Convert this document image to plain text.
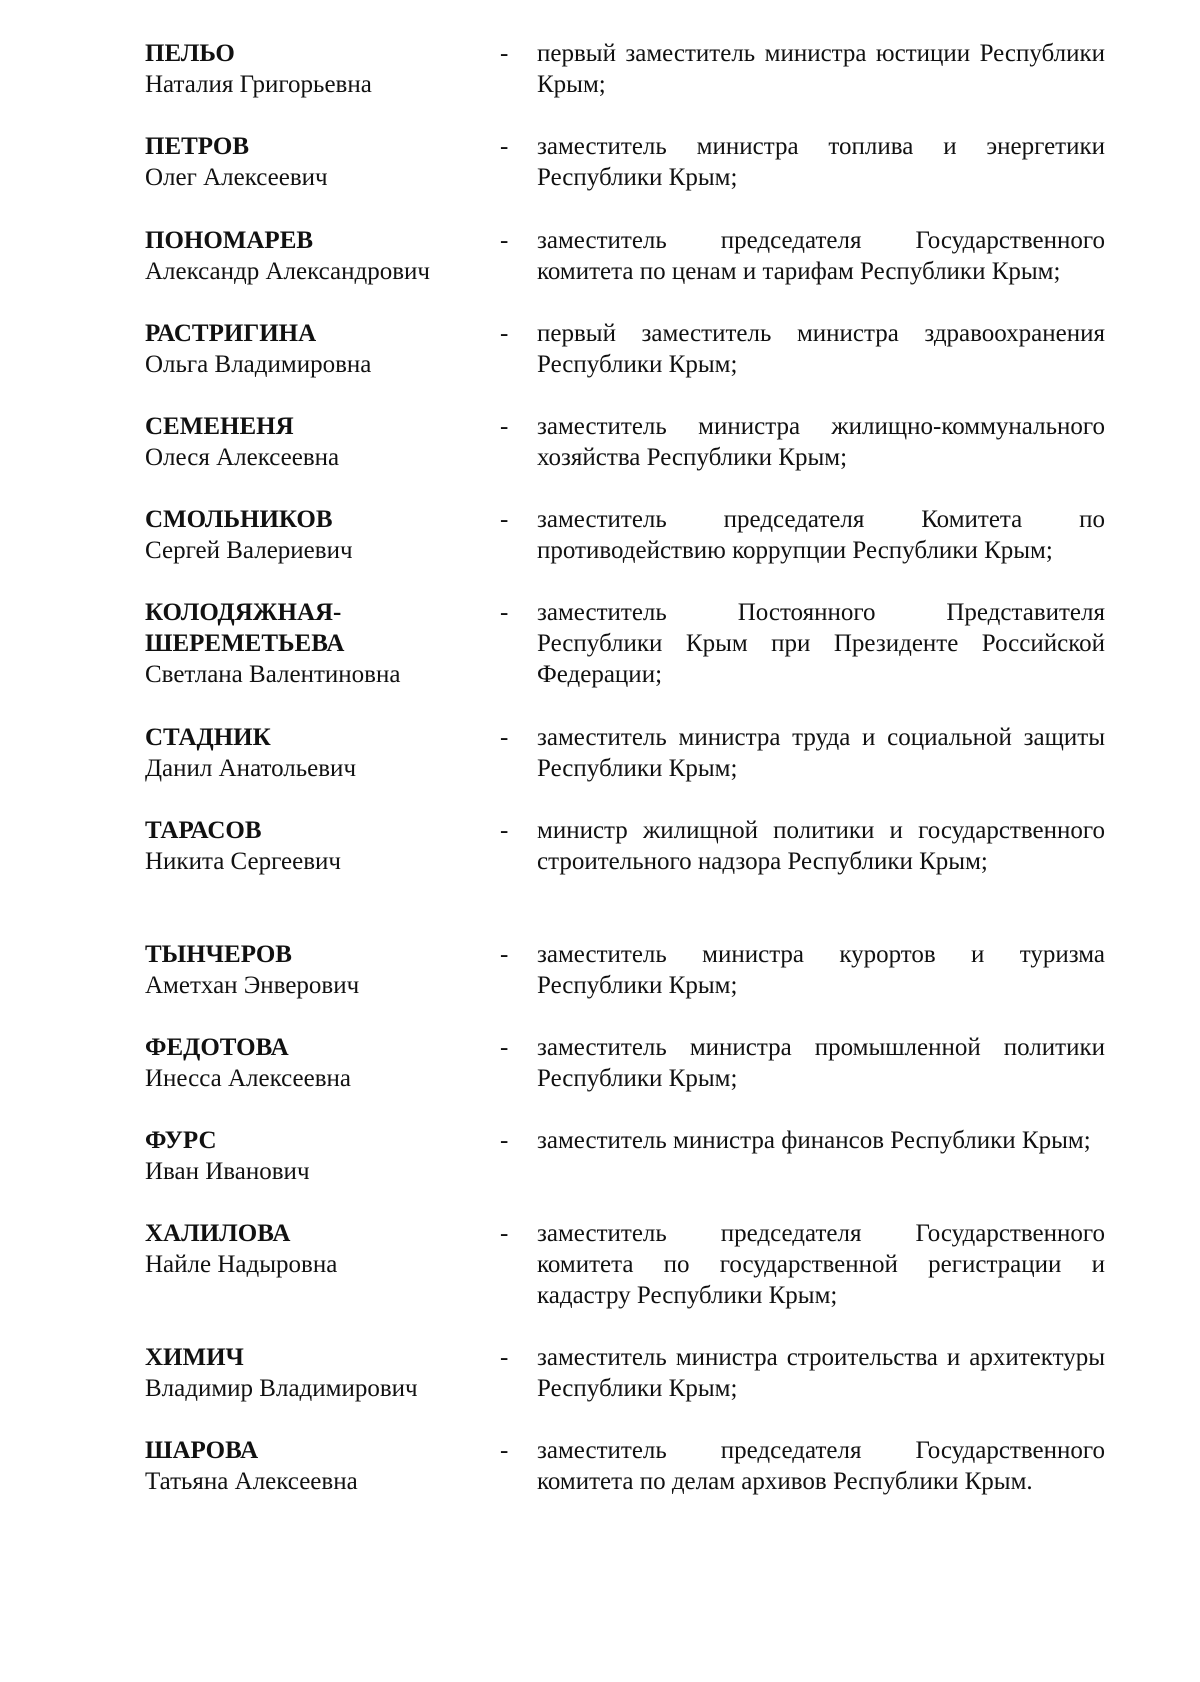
ПЕЛЬО
Наталия Григорьевна
- первый заместитель министра юстиции Республики Крым;
ПЕТРОВ
Олег Алексеевич
- заместитель министра топлива и энергетики Республики Крым;
ПОНОМАРЕВ
Александр Александрович
- заместитель председателя Государственного комитета по ценам и тарифам Республики Крым;
РАСТРИГИНА
Ольга Владимировна
- первый заместитель министра здравоохранения Республики Крым;
СЕМЕНЕНЯ
Олеся Алексеевна
- заместитель министра жилищно-коммунального хозяйства Республики Крым;
СМОЛЬНИКОВ
Сергей Валериевич
- заместитель председателя Комитета по противодействию коррупции Республики Крым;
КОЛОДЯЖНАЯ-
ШЕРЕМЕТЬЕВА
Светлана Валентиновна
- заместитель Постоянного Представителя Республики Крым при Президенте Российской Федерации;
СТАДНИК
Данил Анатольевич
- заместитель министра труда и социальной защиты Республики Крым;
ТАРАСОВ
Никита Сергеевич
- министр жилищной политики и государственного строительного надзора Республики Крым;
ТЫНЧЕРОВ
Аметхан Энверович
- заместитель министра курортов и туризма Республики Крым;
ФЕДОТОВА
Инесса Алексеевна
- заместитель министра промышленной политики Республики Крым;
ФУРС
Иван Иванович
- заместитель министра финансов Республики Крым;
ХАЛИЛОВА
Найле Надыровна
- заместитель председателя Государственного комитета по государственной регистрации и кадастру Республики Крым;
ХИМИЧ
Владимир Владимирович
- заместитель министра строительства и архитектуры Республики Крым;
ШАРОВА
Татьяна Алексеевна
- заместитель председателя Государственного комитета по делам архивов Республики Крым.
